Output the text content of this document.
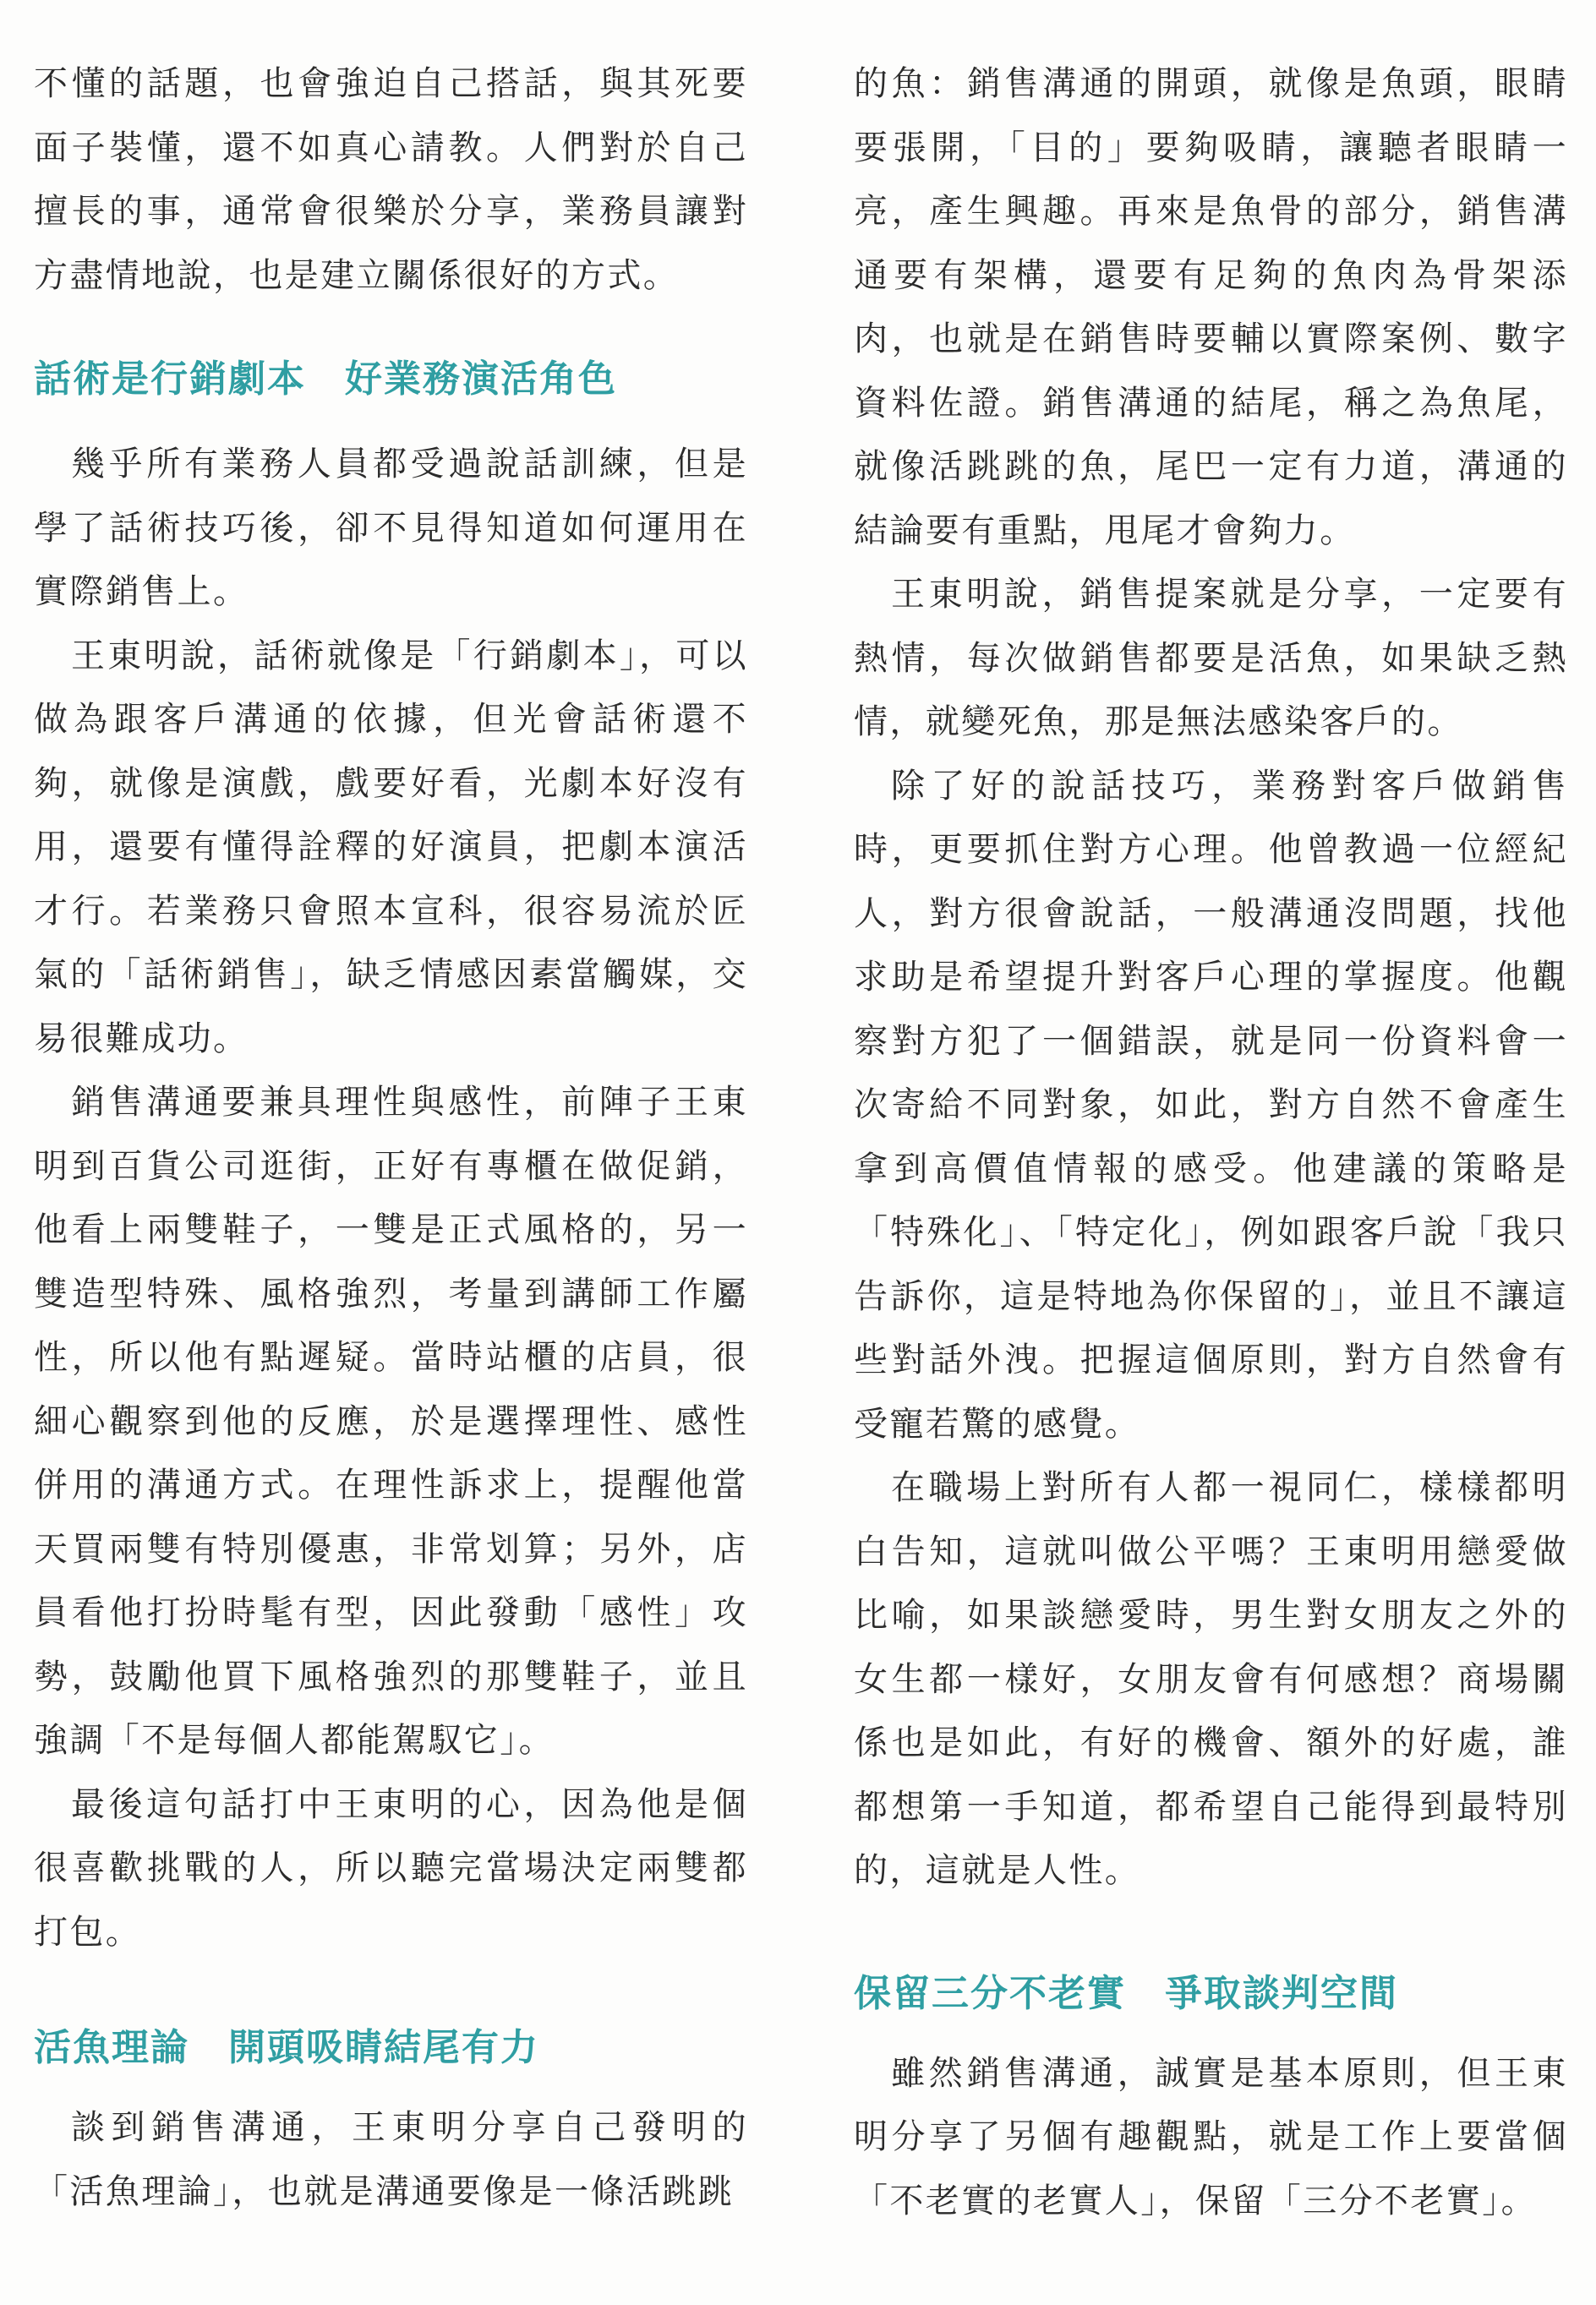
不懂的話題，也會強迫自己搭話，與其死要面子裝懂，還不如真心請教。人們對於自己擅長的事，通常會很樂於分享，業務員讓對方盡情地說，也是建立關係很好的方式。

話術是行銷劇本　好業務演活角色

幾乎所有業務人員都受過說話訓練，但是學了話術技巧後，卻不見得知道如何運用在實際銷售上。

王東明說，話術就像是「行銷劇本」，可以做為跟客戶溝通的依據，但光會話術還不夠，就像是演戲，戲要好看，光劇本好沒有用，還要有懂得詮釋的好演員，把劇本演活才行。若業務只會照本宣科，很容易流於匠氣的「話術銷售」，缺乏情感因素當觸媒，交易很難成功。

銷售溝通要兼具理性與感性，前陣子王東明到百貨公司逛街，正好有專櫃在做促銷，他看上兩雙鞋子，一雙是正式風格的，另一雙造型特殊、風格強烈，考量到講師工作屬性，所以他有點遲疑。當時站櫃的店員，很細心觀察到他的反應，於是選擇理性、感性併用的溝通方式。在理性訴求上，提醒他當天買兩雙有特別優惠，非常划算；另外，店員看他打扮時髦有型，因此發動「感性」攻勢，鼓勵他買下風格強烈的那雙鞋子，並且強調「不是每個人都能駕馭它」。

最後這句話打中王東明的心，因為他是個很喜歡挑戰的人，所以聽完當場決定兩雙都打包。

活魚理論　開頭吸睛結尾有力

談到銷售溝通，王東明分享自己發明的「活魚理論」，也就是溝通要像是一條活跳跳

的魚：銷售溝通的開頭，就像是魚頭，眼睛要張開，「目的」要夠吸睛，讓聽者眼睛一亮，產生興趣。再來是魚骨的部分，銷售溝通要有架構，還要有足夠的魚肉為骨架添肉，也就是在銷售時要輔以實際案例、數字資料佐證。銷售溝通的結尾，稱之為魚尾，就像活跳跳的魚，尾巴一定有力道，溝通的結論要有重點，甩尾才會夠力。

王東明說，銷售提案就是分享，一定要有熱情，每次做銷售都要是活魚，如果缺乏熱情，就變死魚，那是無法感染客戶的。

除了好的說話技巧，業務對客戶做銷售時，更要抓住對方心理。他曾教過一位經紀人，對方很會說話，一般溝通沒問題，找他求助是希望提升對客戶心理的掌握度。他觀察對方犯了一個錯誤，就是同一份資料會一次寄給不同對象，如此，對方自然不會產生拿到高價值情報的感受。他建議的策略是「特殊化」、「特定化」，例如跟客戶說「我只告訴你，這是特地為你保留的」，並且不讓這些對話外洩。把握這個原則，對方自然會有受寵若驚的感覺。

在職場上對所有人都一視同仁，樣樣都明白告知，這就叫做公平嗎？王東明用戀愛做比喻，如果談戀愛時，男生對女朋友之外的女生都一樣好，女朋友會有何感想？商場關係也是如此，有好的機會、額外的好處，誰都想第一手知道，都希望自己能得到最特別的，這就是人性。

保留三分不老實　爭取談判空間

雖然銷售溝通，誠實是基本原則，但王東明分享了另個有趣觀點，就是工作上要當個「不老實的老實人」，保留「三分不老實」。
